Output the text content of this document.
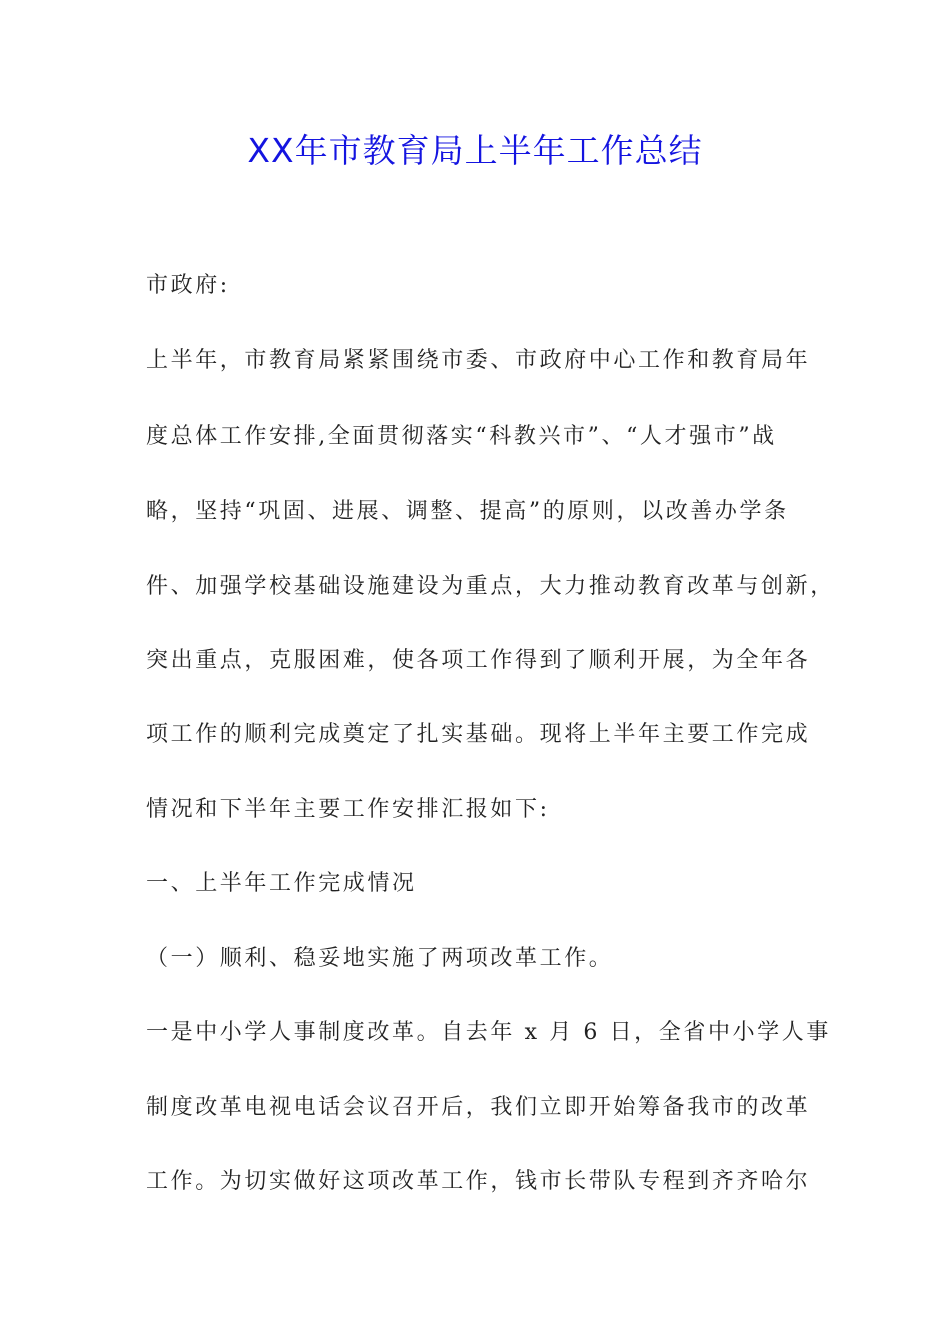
XX年市教育局上半年工作总结
市政府:
上半年，市教育局紧紧围绕市委、市政府中心工作和教育局年
度总体工作安排,全面贯彻落实“科教兴市”、“人才强市”战
略，坚持“巩固、进展、调整、提高”的原则，以改善办学条
件、加强学校基础设施建设为重点，大力推动教育改革与创新，
突出重点，克服困难，使各项工作得到了顺利开展，为全年各
项工作的顺利完成奠定了扎实基础。现将上半年主要工作完成
情况和下半年主要工作安排汇报如下:
一、上半年工作完成情况
（一）顺利、稳妥地实施了两项改革工作。
一是中小学人事制度改革。自去年 x 月 6 日，全省中小学人事
制度改革电视电话会议召开后，我们立即开始筹备我市的改革
工作。为切实做好这项改革工作，钱市长带队专程到齐齐哈尔
